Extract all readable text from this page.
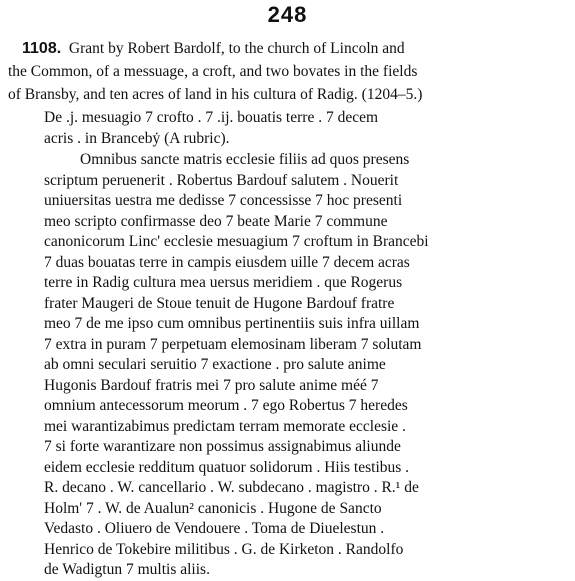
248
1108. Grant by Robert Bardolf, to the church of Lincoln and
the Common, of a messuage, a croft, and two bovates in the fields
of Bransby, and ten acres of land in his cultura of Radig. (1204–5.)
De .j. mesuagio 7 crofto . 7 .ij. bouatis terre . 7 decem
acris . in Brancebẏ (A rubric).
Omnibus sancte matris ecclesie filiis ad quos presens
scriptum peruenerit . Robertus Bardouf salutem . Nouerit
uniuersitas uestra me dedisse 7 concessisse 7 hoc presenti
meo scripto confirmasse deo 7 beate Marie 7 commune
canonicorum Linc' ecclesie mesuagium 7 croftum in Brancebi
7 duas bouatas terre in campis eiusdem uille 7 decem acras
terre in Radig cultura mea uersus meridiem . que Rogerus
frater Maugeri de Stoue tenuit de Hugone Bardouf fratre
meo 7 de me ipso cum omnibus pertinentiis suis infra uillam
7 extra in puram 7 perpetuam elemosinam liberam 7 solutam
ab omni seculari seruitio 7 exactione . pro salute anime
Hugonis Bardouf fratris mei 7 pro salute anime méé 7
omnium antecessorum meorum . 7 ego Robertus 7 heredes
mei warantizabimus predictam terram memorate ecclesie .
7 si forte warantizare non possimus assignabimus aliunde
eidem ecclesie redditum quatuor solidorum . Hiis testibus .
R. decano . W. cancellario . W. subdecano . magistro . R.¹ de
Holm' 7 . W. de Aualun² canonicis . Hugone de Sancto
Vedasto . Oliuero de Vendouere . Toma de Diuelestun .
Henrico de Tokebire militibus . G. de Kirketon . Randolfo
de Wadigtun 7 multis aliis.
